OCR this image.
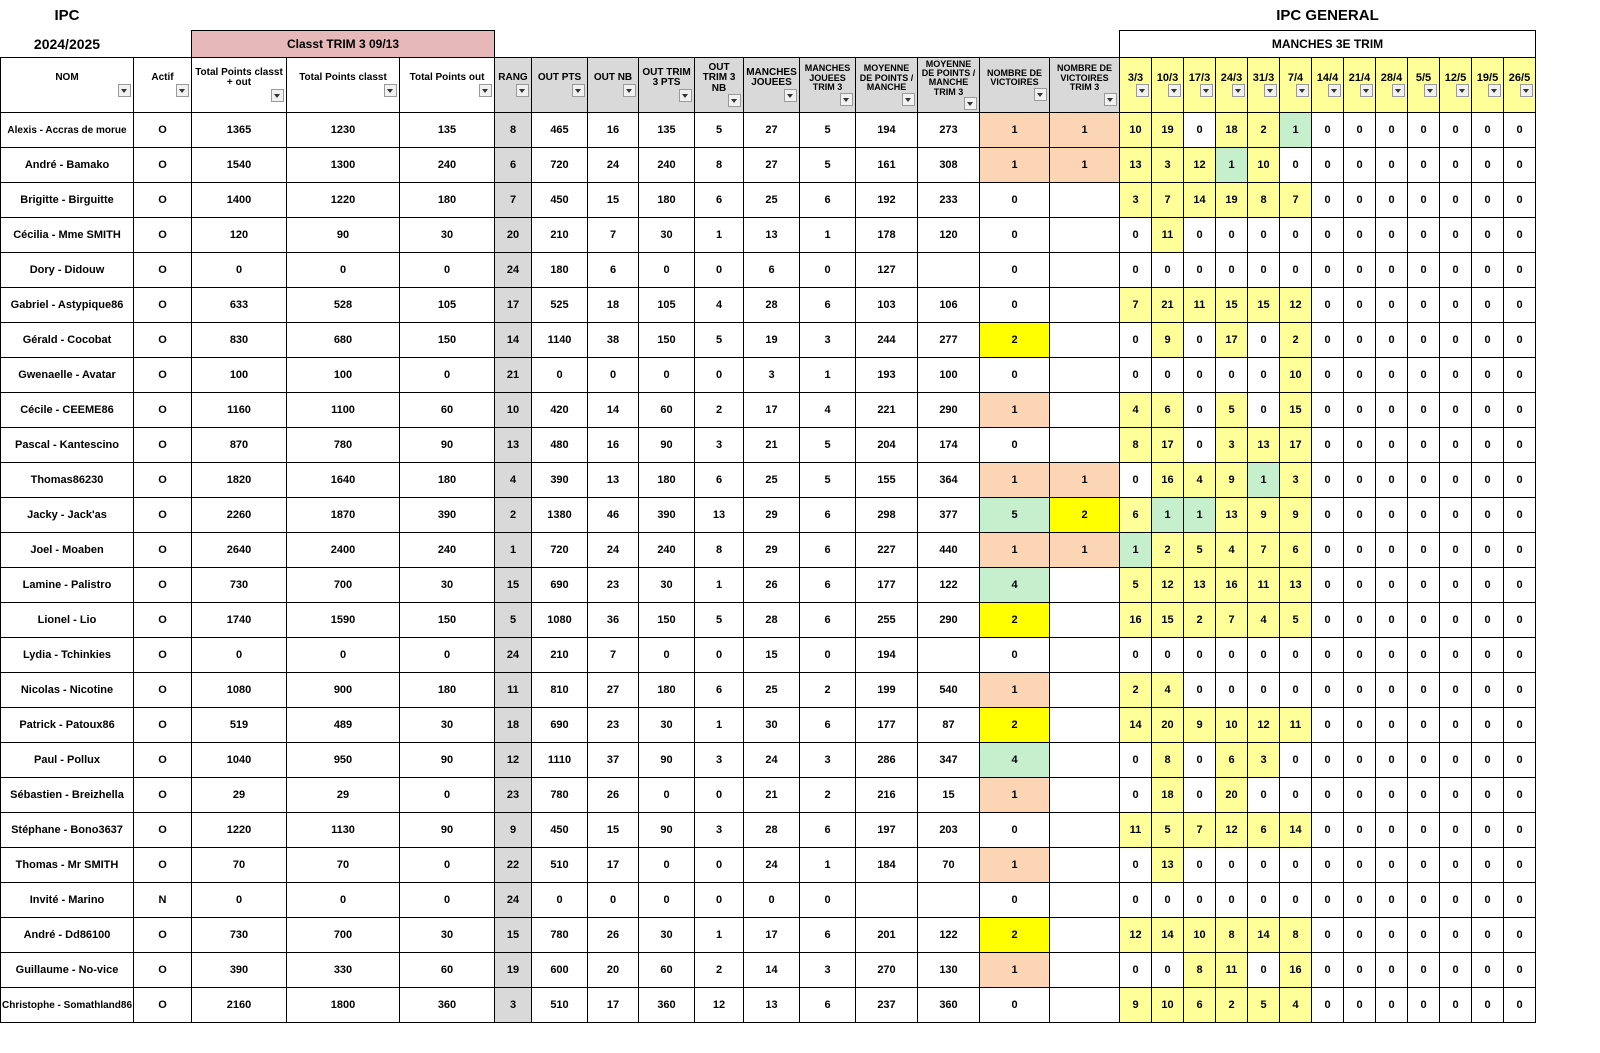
IPC																IPC GENERAL												
2024/2025		Classt TRIM 3 09/13														MANCHES 3E TRIM												

NOM	Actif	Total Points classt + out	Total Points classt	Total Points out	RANG	OUT PTS	OUT NB	OUT TRIM 3 PTS	OUT TRIM 3 NB	MANCHES JOUEES	MANCHES JOUEES TRIM 3	MOYENNE DE POINTS / MANCHE	MOYENNE DE POINTS / MANCHE TRIM 3	NOMBRE DE VICTOIRES	NOMBRE DE VICTOIRES TRIM 3	3/3	10/3	17/3	24/3	31/3	7/4	14/4	21/4	28/4	5/5	12/5	19/5	26/5

Alexis - Accras de morue	O	1365	1230	135	8	465	16	135	5	27	5	194	273	1	1	10	19	0	18	2	1	0	0	0	0	0	0	0
André - Bamako	O	1540	1300	240	6	720	24	240	8	27	5	161	308	1	1	13	3	12	1	10	0	0	0	0	0	0	0	0
Brigitte - Birguitte	O	1400	1220	180	7	450	15	180	6	25	6	192	233	0		3	7	14	19	8	7	0	0	0	0	0	0	0
Cécilia - Mme SMITH	O	120	90	30	20	210	7	30	1	13	1	178	120	0		0	11	0	0	0	0	0	0	0	0	0	0	0
Dory - Didouw	O	0	0	0	24	180	6	0	0	6	0	127		0		0	0	0	0	0	0	0	0	0	0	0	0	0
Gabriel - Astypique86	O	633	528	105	17	525	18	105	4	28	6	103	106	0		7	21	11	15	15	12	0	0	0	0	0	0	0
Gérald - Cocobat	O	830	680	150	14	1140	38	150	5	19	3	244	277	2		0	9	0	17	0	2	0	0	0	0	0	0	0
Gwenaelle - Avatar	O	100	100	0	21	0	0	0	0	3	1	193	100	0		0	0	0	0	0	10	0	0	0	0	0	0	0
Cécile - CEEME86	O	1160	1100	60	10	420	14	60	2	17	4	221	290	1		4	6	0	5	0	15	0	0	0	0	0	0	0
Pascal - Kantescino	O	870	780	90	13	480	16	90	3	21	5	204	174	0		8	17	0	3	13	17	0	0	0	0	0	0	0
Thomas86230	O	1820	1640	180	4	390	13	180	6	25	5	155	364	1	1	0	16	4	9	1	3	0	0	0	0	0	0	0
Jacky - Jack'as	O	2260	1870	390	2	1380	46	390	13	29	6	298	377	5	2	6	1	1	13	9	9	0	0	0	0	0	0	0
Joel - Moaben	O	2640	2400	240	1	720	24	240	8	29	6	227	440	1	1	1	2	5	4	7	6	0	0	0	0	0	0	0
Lamine - Palistro	O	730	700	30	15	690	23	30	1	26	6	177	122	4		5	12	13	16	11	13	0	0	0	0	0	0	0
Lionel - Lio	O	1740	1590	150	5	1080	36	150	5	28	6	255	290	2		16	15	2	7	4	5	0	0	0	0	0	0	0
Lydia - Tchinkies	O	0	0	0	24	210	7	0	0	15	0	194		0		0	0	0	0	0	0	0	0	0	0	0	0	0
Nicolas - Nicotine	O	1080	900	180	11	810	27	180	6	25	2	199	540	1		2	4	0	0	0	0	0	0	0	0	0	0	0
Patrick - Patoux86	O	519	489	30	18	690	23	30	1	30	6	177	87	2		14	20	9	10	12	11	0	0	0	0	0	0	0
Paul - Pollux	O	1040	950	90	12	1110	37	90	3	24	3	286	347	4		0	8	0	6	3	0	0	0	0	0	0	0	0
Sébastien - Breizhella	O	29	29	0	23	780	26	0	0	21	2	216	15	1		0	18	0	20	0	0	0	0	0	0	0	0	0
Stéphane - Bono3637	O	1220	1130	90	9	450	15	90	3	28	6	197	203	0		11	5	7	12	6	14	0	0	0	0	0	0	0
Thomas - Mr SMITH	O	70	70	0	22	510	17	0	0	24	1	184	70	1		0	13	0	0	0	0	0	0	0	0	0	0	0
Invité - Marino	N	0	0	0	24	0	0	0	0	0	0			0		0	0	0	0	0	0	0	0	0	0	0	0	0
André - Dd86100	O	730	700	30	15	780	26	30	1	17	6	201	122	2		12	14	10	8	14	8	0	0	0	0	0	0	0
Guillaume - No-vice	O	390	330	60	19	600	20	60	2	14	3	270	130	1		0	0	8	11	0	16	0	0	0	0	0	0	0
Christophe - Somathland86	O	2160	1800	360	3	510	17	360	12	13	6	237	360	0		9	10	6	2	5	4	0	0	0	0	0	0	0
